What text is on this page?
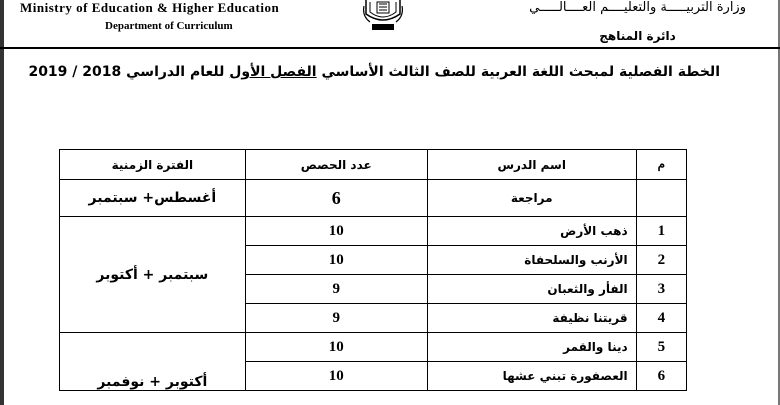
Ministry of Education & Higher Education
Department of Curriculum
وزارة التربيـــــة والتعليــــم العــــالـــــي
دائرة المناهج
الخطة الفصلية لمبحث اللغة العربية للصف الثالث الأساسي الفصل الأول للعام الدراسي 2018 / 2019
م	اسم الدرس	عدد الحصص	الفترة الزمنية
	مراجعة	6	أغسطس+ سبتمبر
1	ذهب الأرض	10	سبتمبر + أكتوبر
2	الأرنب والسلحفاة	10	
3	الفأر والثعبان	9	
4	قريتنا نظيفة	9	
5	دينا والقمر	10	أكتوبر + نوفمبر
6	العصفورة تبني عشها	10	
